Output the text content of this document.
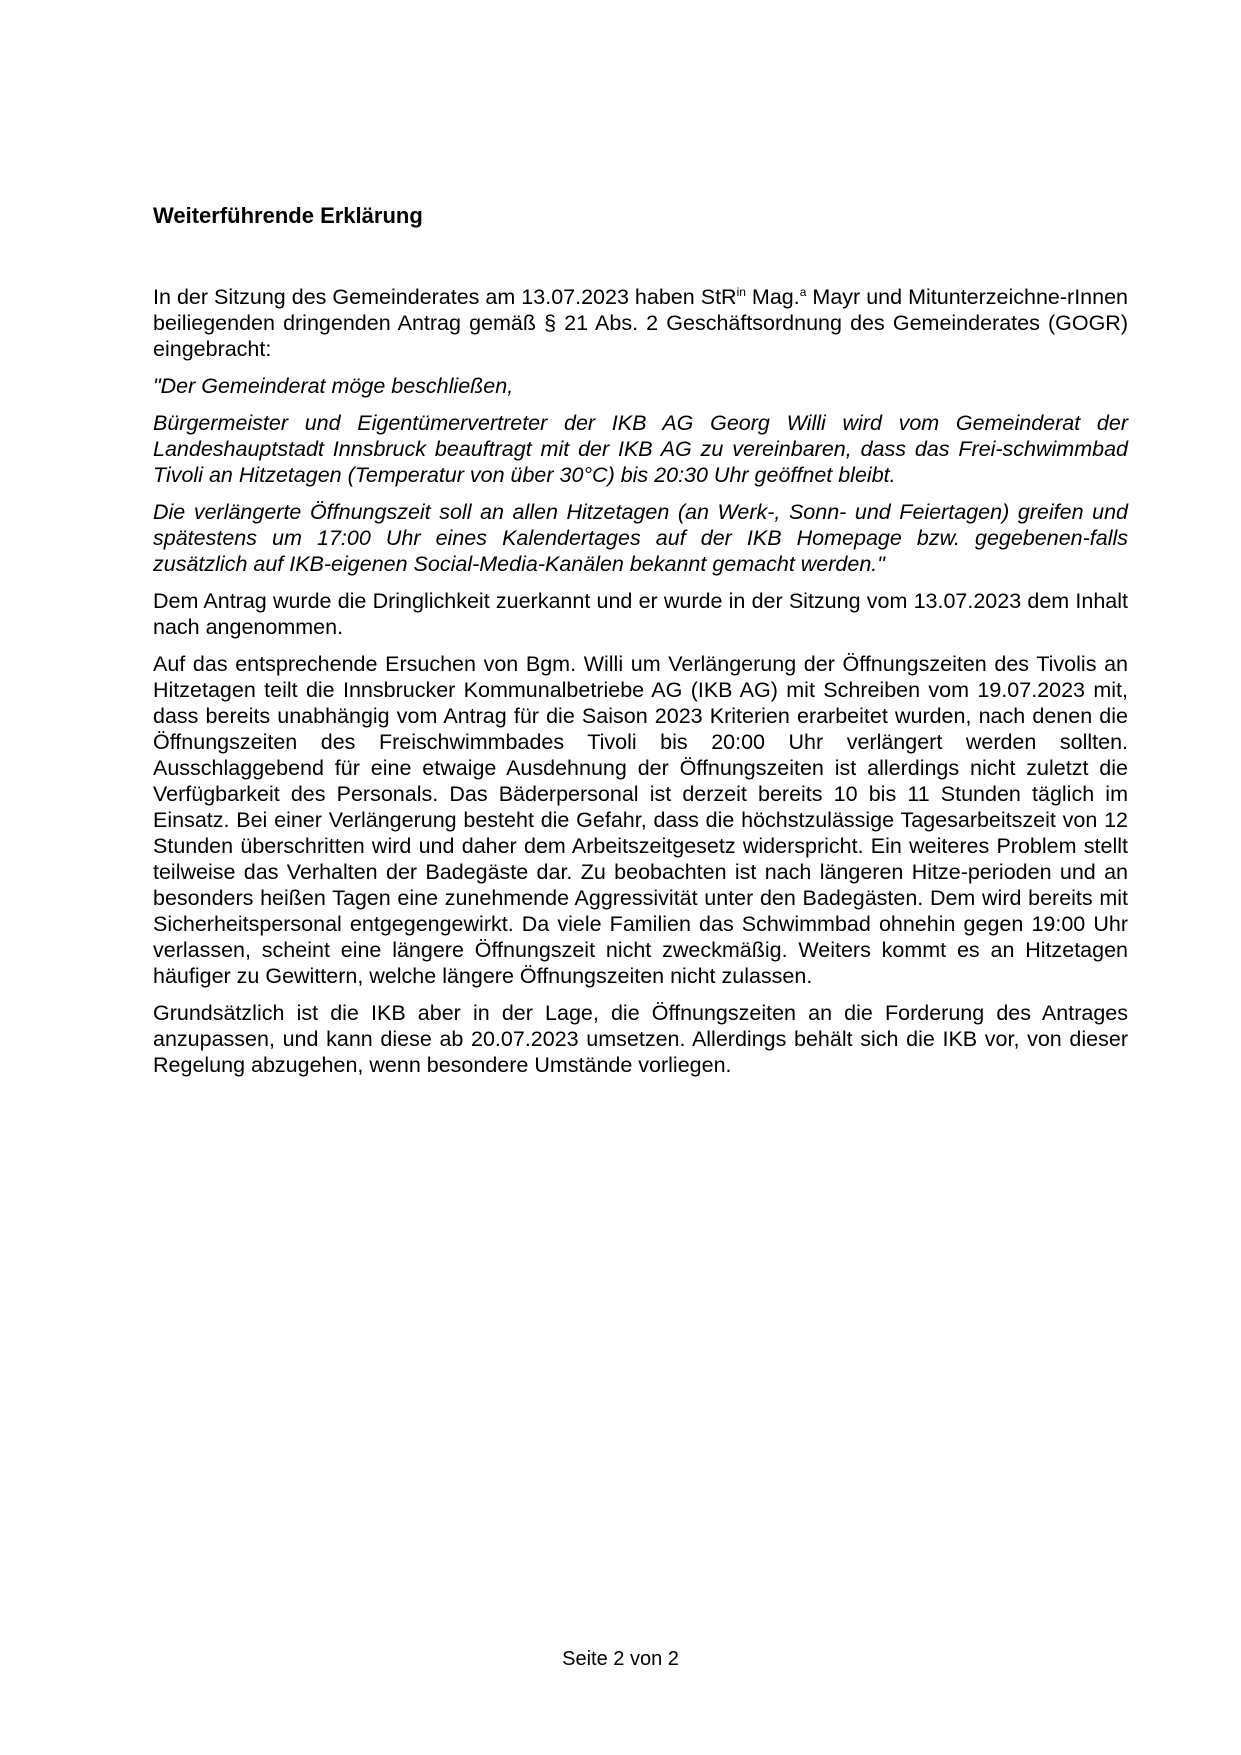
Weiterführende Erklärung

In der Sitzung des Gemeinderates am 13.07.2023 haben StR$^{in}$ Mag.$^a$ Mayr und Mitunterzeichne-rInnen beiliegenden dringenden Antrag gemäß § 21 Abs. 2 Geschäftsordnung des Gemeinderates (GOGR) eingebracht:

"Der Gemeinderat möge beschließen,

Bürgermeister und Eigentümervertreter der IKB AG Georg Willi wird vom Gemeinderat der Landeshauptstadt Innsbruck beauftragt mit der IKB AG zu vereinbaren, dass das Frei-schwimmbad Tivoli an Hitzetagen (Temperatur von über 30°C) bis 20:30 Uhr geöffnet bleibt.

Die verlängerte Öffnungszeit soll an allen Hitzetagen (an Werk-, Sonn- und Feiertagen) greifen und spätestens um 17:00 Uhr eines Kalendertages auf der IKB Homepage bzw. gegebenen-falls zusätzlich auf IKB-eigenen Social-Media-Kanälen bekannt gemacht werden."

Dem Antrag wurde die Dringlichkeit zuerkannt und er wurde in der Sitzung vom 13.07.2023 dem Inhalt nach angenommen.

Auf das entsprechende Ersuchen von Bgm. Willi um Verlängerung der Öffnungszeiten des Tivolis an Hitzetagen teilt die Innsbrucker Kommunalbetriebe AG (IKB AG) mit Schreiben vom 19.07.2023 mit, dass bereits unabhängig vom Antrag für die Saison 2023 Kriterien erarbeitet wurden, nach denen die Öffnungszeiten des Freischwimmbades Tivoli bis 20:00 Uhr verlängert werden sollten. Ausschlaggebend für eine etwaige Ausdehnung der Öffnungszeiten ist allerdings nicht zuletzt die Verfügbarkeit des Personals. Das Bäderpersonal ist derzeit bereits 10 bis 11 Stunden täglich im Einsatz. Bei einer Verlängerung besteht die Gefahr, dass die höchstzulässige Tagesarbeitszeit von 12 Stunden überschritten wird und daher dem Arbeitszeitgesetz widerspricht. Ein weiteres Problem stellt teilweise das Verhalten der Badegäste dar. Zu beobachten ist nach längeren Hitze-perioden und an besonders heißen Tagen eine zunehmende Aggressivität unter den Badegästen. Dem wird bereits mit Sicherheitspersonal entgegengewirkt. Da viele Familien das Schwimmbad ohnehin gegen 19:00 Uhr verlassen, scheint eine längere Öffnungszeit nicht zweckmäßig. Weiters kommt es an Hitzetagen häufiger zu Gewittern, welche längere Öffnungszeiten nicht zulassen.

Grundsätzlich ist die IKB aber in der Lage, die Öffnungszeiten an die Forderung des Antrages anzupassen, und kann diese ab 20.07.2023 umsetzen. Allerdings behält sich die IKB vor, von dieser Regelung abzugehen, wenn besondere Umstände vorliegen.

Seite 2 von 2
